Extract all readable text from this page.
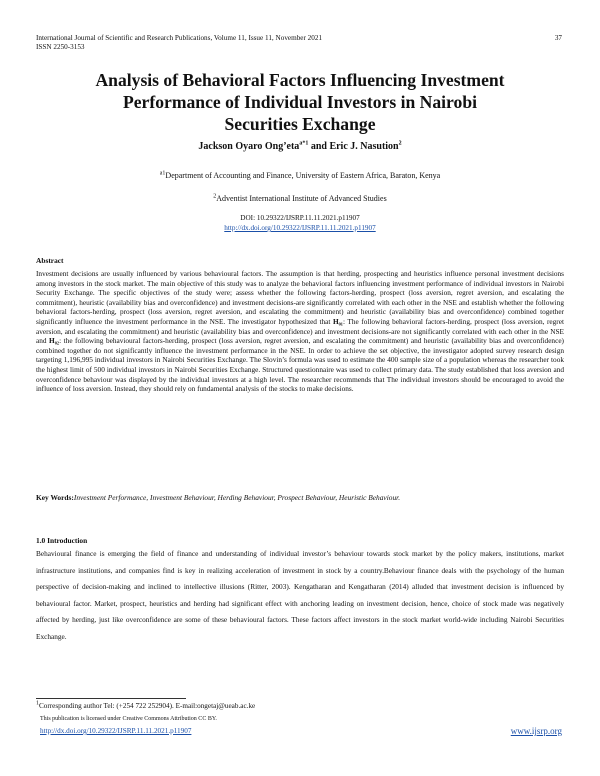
International Journal of Scientific and Research Publications, Volume 11, Issue 11, November 2021
ISSN 2250-3153
37
Analysis of Behavioral Factors Influencing Investment
Performance of Individual Investors in Nairobi
Securities Exchange
Jackson Oyaro Ong’eta$^{a*1}$ and Eric J. Nasution$^2$
$^{a1}$Department of Accounting and Finance, University of Eastern Africa, Baraton, Kenya
$^2$Adventist International Institute of Advanced Studies
DOI: 10.29322/IJSRP.11.11.2021.p11907
http://dx.doi.org/10.29322/IJSRP.11.11.2021.p11907
Abstract
Investment decisions are usually influenced by various behavioural factors. The assumption is that herding, prospecting and heuristics influence personal investment decisions among investors in the stock market. The main objective of this study was to analyze the behavioral factors influencing investment performance of individual investors in Nairobi Security Exchange. The specific objectives of the study were; assess whether the following factors-herding, prospect (loss aversion, regret aversion, and escalating the commitment), heuristic (availability bias and overconfidence) and investment decisions-are significantly correlated with each other in the NSE and establish whether the following behavioral factors-herding, prospect (loss aversion, regret aversion, and escalating the commitment) and heuristic (availability bias and overconfidence) combined together significantly influence the investment performance in the NSE. The investigator hypothesized that H₀₁: The following behavioral factors-herding, prospect (loss aversion, regret aversion, and escalating the commitment) and heuristic (availability bias and overconfidence) and investment decisions-are not significantly correlated with each other in the NSE and H₀₂: the following behavioural factors-herding, prospect (loss aversion, regret aversion, and escalating the commitment) and heuristic (availability bias and overconfidence) combined together do not significantly influence the investment performance in the NSE. In order to achieve the set objective, the investigator adopted survey research design targeting 1,196,995 individual investors in Nairobi Securities Exchange. The Slovin’s formula was used to estimate the 400 sample size of a population whereas the researcher took the highest limit of 500 individual investors in Nairobi Securities Exchange. Structured questionnaire was used to collect primary data. The study established that loss aversion and overconfidence behaviour was displayed by the individual investors at a high level. The researcher recommends that The individual investors should be encouraged to avoid the influence of loss aversion. Instead, they should rely on fundamental analysis of the stocks to make decisions.
Key Words:Investment Performance, Investment Behaviour, Herding Behaviour, Prospect Behaviour, Heuristic Behaviour.
1.0 Introduction
Behavioural finance is emerging the field of finance and understanding of individual investor’s behaviour towards stock market by the policy makers, institutions, market infrastructure institutions, and companies find is key in realizing acceleration of investment in stock by a country.Behaviour finance deals with the psychology of the human perspective of decision-making and inclined to intellective illusions (Ritter, 2003). Kengatharan and Kengatharan (2014) alluded that investment decision is influenced by behavioural factor. Market, prospect, heuristics and herding had significant effect with anchoring leading on investment decision, hence, choice of stock made was negatively affected by herding, just like overconfidence are some of these behavioural factors. These factors affect investors in the stock market world-wide including Nairobi Securities Exchange.
$^1$Corresponding author Tel: (+254 722 252904). E-mail:ongetaj@ueab.ac.ke
This publication is licensed under Creative Commons Attribution CC BY.
http://dx.doi.org/10.29322/IJSRP.11.11.2021.p11907	www.ijsrp.org
